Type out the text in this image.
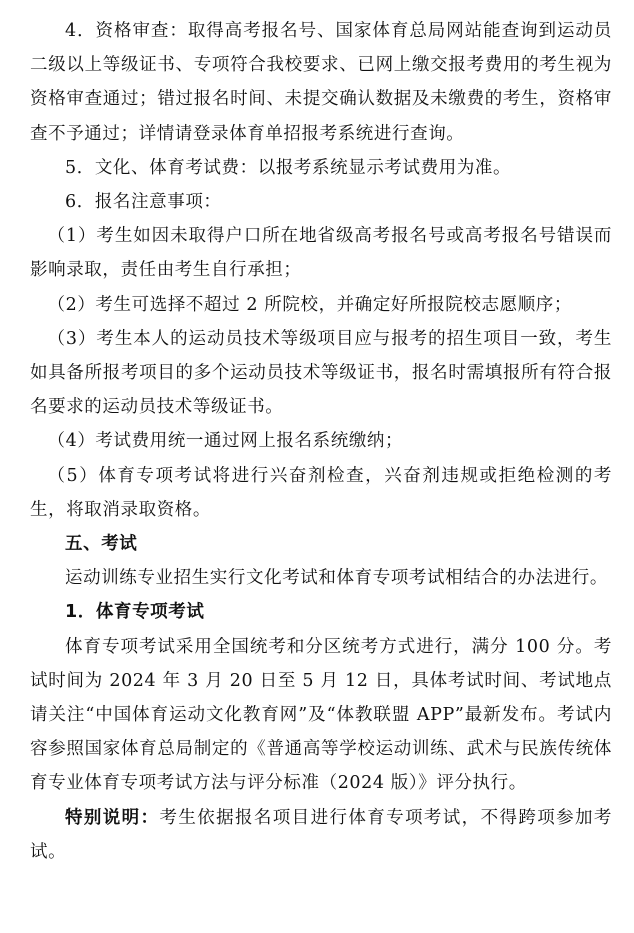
4．资格审查：取得高考报名号、国家体育总局网站能查询到运动员二级以上等级证书、专项符合我校要求、已网上缴交报考费用的考生视为资格审查通过；错过报名时间、未提交确认数据及未缴费的考生，资格审查不予通过；详情请登录体育单招报考系统进行查询。

5．文化、体育考试费：以报考系统显示考试费用为准。

6．报名注意事项：

（1）考生如因未取得户口所在地省级高考报名号或高考报名号错误而影响录取，责任由考生自行承担；

（2）考生可选择不超过 2 所院校，并确定好所报院校志愿顺序；

（3）考生本人的运动员技术等级项目应与报考的招生项目一致，考生如具备所报考项目的多个运动员技术等级证书，报名时需填报所有符合报名要求的运动员技术等级证书。

（4）考试费用统一通过网上报名系统缴纳；

（5）体育专项考试将进行兴奋剂检查，兴奋剂违规或拒绝检测的考生，将取消录取资格。

五、考试

运动训练专业招生实行文化考试和体育专项考试相结合的办法进行。

1．体育专项考试

体育专项考试采用全国统考和分区统考方式进行，满分 100 分。考试时间为 2024 年 3 月 20 日至 5 月 12 日，具体考试时间、考试地点请关注“中国体育运动文化教育网”及“体教联盟 APP”最新发布。考试内容参照国家体育总局制定的《普通高等学校运动训练、武术与民族传统体育专业体育专项考试方法与评分标准（2024 版）》评分执行。

特别说明：考生依据报名项目进行体育专项考试，不得跨项参加考试。
